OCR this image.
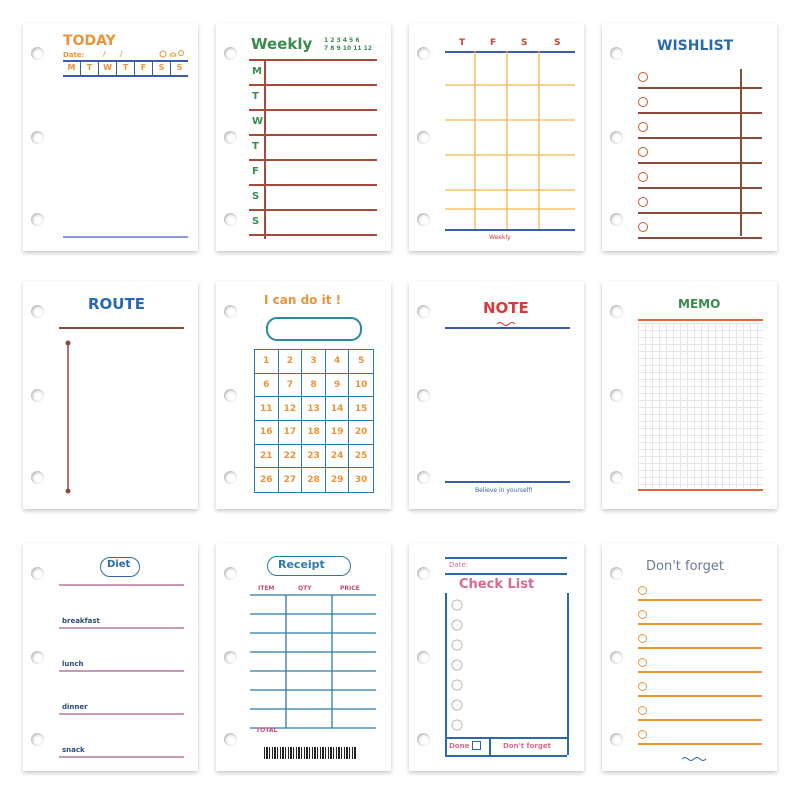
TODAY
Date:	/ /
M	T	W	T	F	S	S
Weekly 1 2 3 4 5 6
7 8 9 10 11 12
M
T
W
T
F
S
S
T	F	S	S
Weekly
WISHLIST
ROUTE	I can do it !
1	2	3	4	5
6	7	8	9	10
11	12	13	14	15
16	17	18	19	20
21	22	23	24	25
26	27	28	29	30
NOTE
Believe in yourself!
MEMO
Diet
breakfast
lunch
dinner
snack
Receipt
ITEM	QTY	PRICE
TOTAL
Date:
Check List
Done	Don't forget
Don't forget
